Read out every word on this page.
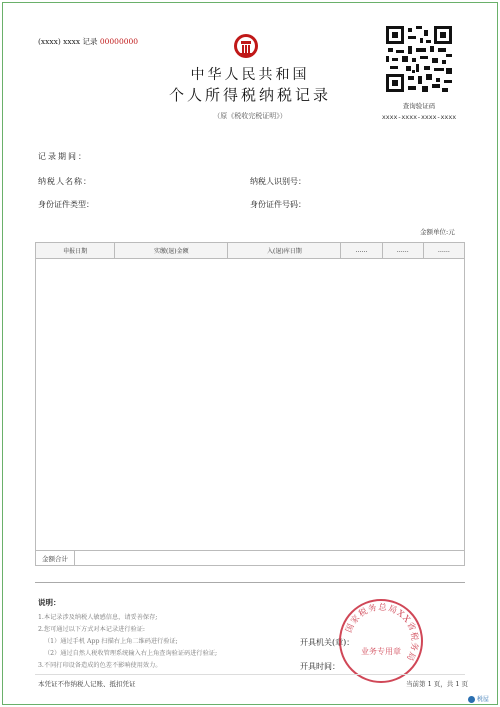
(xxxx) xxxx 记录 00000000
中华人民共和国
个人所得税纳税记录
（原《税收完税证明》）
查询验证码
xxxx-xxxx-xxxx-xxxx
记录期间：
纳税人名称：	纳税人识别号：
身份证件类型：	身份证件号码：
金额单位:元
申报日期	实缴(退)金额	入(退)库日期	……	……	……
金额合计
说明：
1.本记录涉及纳税人敏感信息，请妥善保存;
2.您可通过以下方式对本记录进行验证:
（1）通过手机 App 扫描右上角二维码进行验证;
（2）通过自然人税收管理系统输入右上角查询验证码进行验证;
3.不同打印设备造成的色差不影响使用效力。
开具机关(章)：
开具时间：
国家税务总局XX省税务局
业务专用章
本凭证不作纳税人记账、抵扣凭证	当前第 1 页，共 1 页
税屋
